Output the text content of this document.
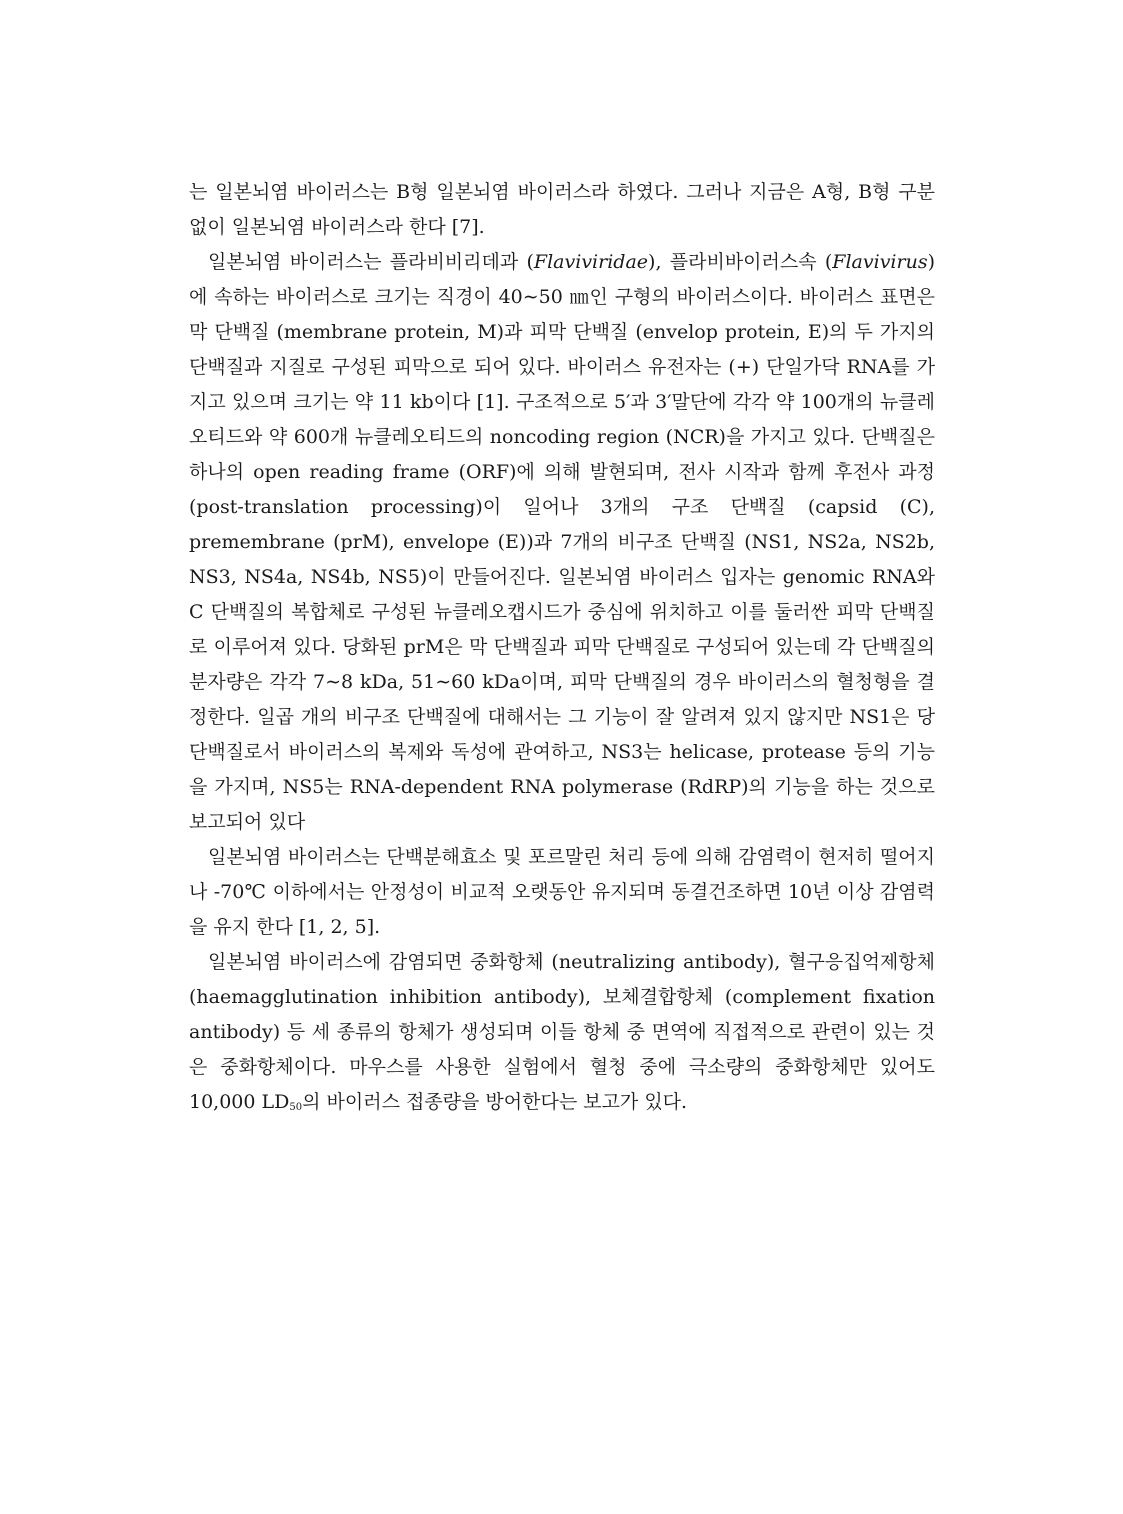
는 일본뇌염 바이러스는 B형 일본뇌염 바이러스라 하였다. 그러나 지금은 A형, B형 구분 없이 일본뇌염 바이러스라 한다 [7].

일본뇌염 바이러스는 플라비비리데과 (Flaviviridae), 플라비바이러스속 (Flavivirus)에 속하는 바이러스로 크기는 직경이 40∼50 ㎚인 구형의 바이러스이다. 바이러스 표면은 막 단백질 (membrane protein, M)과 피막 단백질 (envelop protein, E)의 두 가지의 단백질과 지질로 구성된 피막으로 되어 있다. 바이러스 유전자는 (+) 단일가닥 RNA를 가지고 있으며 크기는 약 11 kb이다 [1]. 구조적으로 5′과 3′말단에 각각 약 100개의 뉴클레오티드와 약 600개 뉴클레오티드의 noncoding region (NCR)을 가지고 있다. 단백질은 하나의 open reading frame (ORF)에 의해 발현되며, 전사 시작과 함께 후전사 과정 (post-translation processing)이 일어나 3개의 구조 단백질 (capsid (C), premembrane (prM), envelope (E))과 7개의 비구조 단백질 (NS1, NS2a, NS2b, NS3, NS4a, NS4b, NS5)이 만들어진다. 일본뇌염 바이러스 입자는 genomic RNA와 C 단백질의 복합체로 구성된 뉴클레오캡시드가 중심에 위치하고 이를 둘러싼 피막 단백질로 이루어져 있다. 당화된 prM은 막 단백질과 피막 단백질로 구성되어 있는데 각 단백질의 분자량은 각각 7∼8 kDa, 51∼60 kDa이며, 피막 단백질의 경우 바이러스의 혈청형을 결정한다. 일곱 개의 비구조 단백질에 대해서는 그 기능이 잘 알려져 있지 않지만 NS1은 당 단백질로서 바이러스의 복제와 독성에 관여하고, NS3는 helicase, protease 등의 기능을 가지며, NS5는 RNA-dependent RNA polymerase (RdRP)의 기능을 하는 것으로 보고되어 있다

일본뇌염 바이러스는 단백분해효소 및 포르말린 처리 등에 의해 감염력이 현저히 떨어지나 -70℃ 이하에서는 안정성이 비교적 오랫동안 유지되며 동결건조하면 10년 이상 감염력을 유지 한다 [1, 2, 5].

일본뇌염 바이러스에 감염되면 중화항체 (neutralizing antibody), 혈구응집억제항체 (haemagglutination inhibition antibody), 보체결합항체 (complement fixation antibody) 등 세 종류의 항체가 생성되며 이들 항체 중 면역에 직접적으로 관련이 있는 것은 중화항체이다. 마우스를 사용한 실험에서 혈청 중에 극소량의 중화항체만 있어도 10,000 $LD_{50}$의 바이러스 접종량을 방어한다는 보고가 있다.
